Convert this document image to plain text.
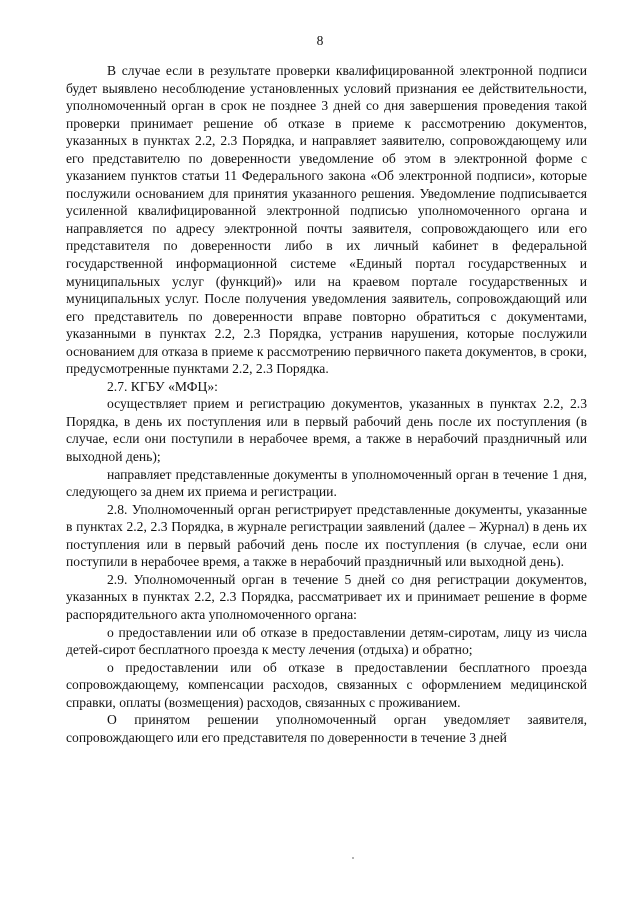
8

В случае если в результате проверки квалифицированной электронной подписи будет выявлено несоблюдение установленных условий признания ее действительности, уполномоченный орган в срок не позднее 3 дней со дня завершения проведения такой проверки принимает решение об отказе в приеме к рассмотрению документов, указанных в пунктах 2.2, 2.3 Порядка, и направляет заявителю, сопровождающему или его представителю по доверенности уведомление об этом в электронной форме с указанием пунктов статьи 11 Федерального закона «Об электронной подписи», которые послужили основанием для принятия указанного решения. Уведомление подписывается усиленной квалифицированной электронной подписью уполномоченного органа и направляется по адресу электронной почты заявителя, сопровождающего или его представителя по доверенности либо в их личный кабинет в федеральной государственной информационной системе «Единый портал государственных и муниципальных услуг (функций)» или на краевом портале государственных и муниципальных услуг. После получения уведомления заявитель, сопровождающий или его представитель по доверенности вправе повторно обратиться с документами, указанными в пунктах 2.2, 2.3 Порядка, устранив нарушения, которые послужили основанием для отказа в приеме к рассмотрению первичного пакета документов, в сроки, предусмотренные пунктами 2.2, 2.3 Порядка.

2.7. КГБУ «МФЦ»:

осуществляет прием и регистрацию документов, указанных в пунктах 2.2, 2.3 Порядка, в день их поступления или в первый рабочий день после их поступления (в случае, если они поступили в нерабочее время, а также в нерабочий праздничный или выходной день);

направляет представленные документы в уполномоченный орган в течение 1 дня, следующего за днем их приема и регистрации.

2.8. Уполномоченный орган регистрирует представленные документы, указанные в пунктах 2.2, 2.3 Порядка, в журнале регистрации заявлений (далее – Журнал) в день их поступления или в первый рабочий день после их поступления (в случае, если они поступили в нерабочее время, а также в нерабочий праздничный или выходной день).

2.9. Уполномоченный орган в течение 5 дней со дня регистрации документов, указанных в пунктах 2.2, 2.3 Порядка, рассматривает их и принимает решение в форме распорядительного акта уполномоченного органа:

о предоставлении или об отказе в предоставлении детям-сиротам, лицу из числа детей-сирот бесплатного проезда к месту лечения (отдыха) и обратно;

о предоставлении или об отказе в предоставлении бесплатного проезда сопровождающему, компенсации расходов, связанных с оформлением медицинской справки, оплаты (возмещения) расходов, связанных с проживанием.

О принятом решении уполномоченный орган уведомляет заявителя, сопровождающего или его представителя по доверенности в течение 3 дней
